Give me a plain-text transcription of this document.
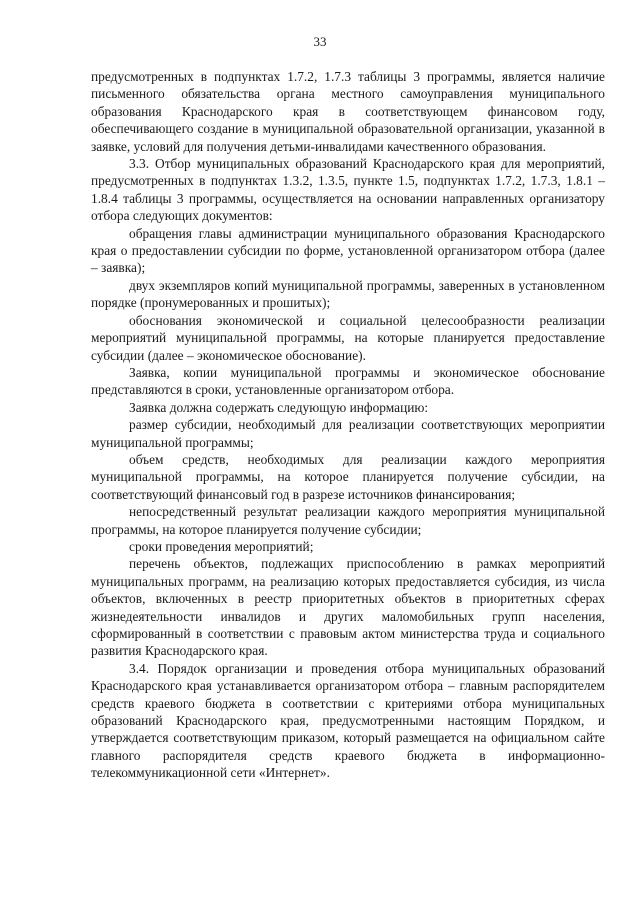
33

предусмотренных в подпунктах 1.7.2, 1.7.3 таблицы 3 программы, является наличие письменного обязательства органа местного самоуправления муниципального образования Краснодарского края в соответствующем финансовом году, обеспечивающего создание в муниципальной образовательной организации, указанной в заявке, условий для получения детьми-инвалидами качественного образования.

3.3. Отбор муниципальных образований Краснодарского края для мероприятий, предусмотренных в подпунктах 1.3.2, 1.3.5, пункте 1.5, подпунктах 1.7.2, 1.7.3, 1.8.1 – 1.8.4 таблицы 3 программы, осуществляется на основании направленных организатору отбора следующих документов:

обращения главы администрации муниципального образования Краснодарского края о предоставлении субсидии по форме, установленной организатором отбора (далее – заявка);

двух экземпляров копий муниципальной программы, заверенных в установленном порядке (пронумерованных и прошитых);

обоснования экономической и социальной целесообразности реализации мероприятий муниципальной программы, на которые планируется предоставление субсидии (далее – экономическое обоснование).

Заявка, копии муниципальной программы и экономическое обоснование представляются в сроки, установленные организатором отбора.

Заявка должна содержать следующую информацию:

размер субсидии, необходимый для реализации соответствующих мероприятии муниципальной программы;

объем средств, необходимых для реализации каждого мероприятия муниципальной программы, на которое планируется получение субсидии, на соответствующий финансовый год в разрезе источников финансирования;

непосредственный результат реализации каждого мероприятия муниципальной программы, на которое планируется получение субсидии;

сроки проведения мероприятий;

перечень объектов, подлежащих приспособлению в рамках мероприятий муниципальных программ, на реализацию которых предоставляется субсидия, из числа объектов, включенных в реестр приоритетных объектов в приоритетных сферах жизнедеятельности инвалидов и других маломобильных групп населения, сформированный в соответствии с правовым актом министерства труда и социального развития Краснодарского края.

3.4. Порядок организации и проведения отбора муниципальных образований Краснодарского края устанавливается организатором отбора – главным распорядителем средств краевого бюджета в соответствии с критериями отбора муниципальных образований Краснодарского края, предусмотренными настоящим Порядком, и утверждается соответствующим приказом, который размещается на официальном сайте главного распорядителя средств краевого бюджета в информационно-телекоммуникационной сети «Интернет».
